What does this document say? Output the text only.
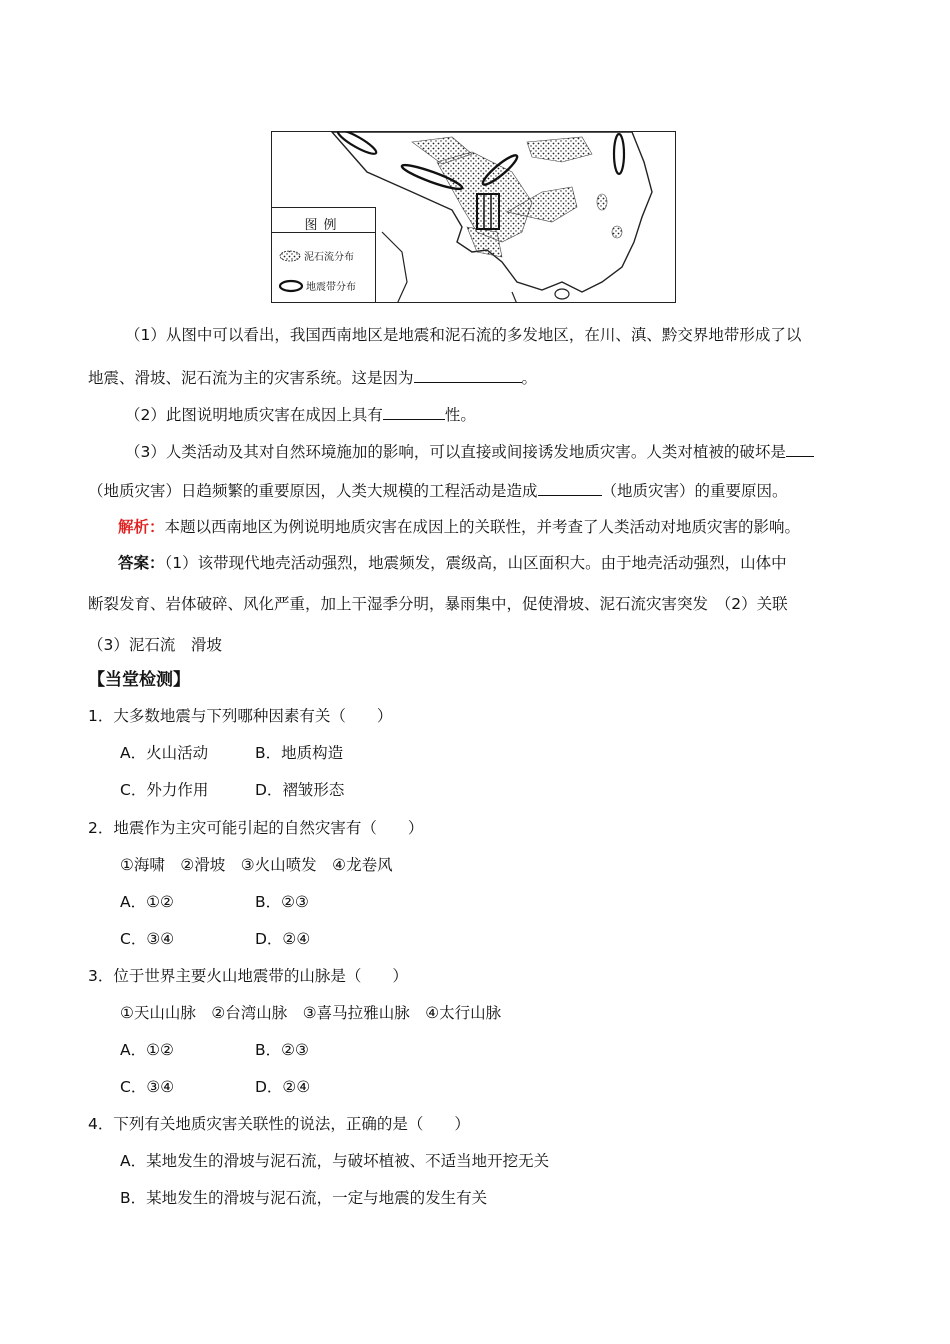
图例
泥石流分布
地震带分布
（1）从图中可以看出，我国西南地区是地震和泥石流的多发地区，在川、滇、黔交界地带形成了以
地震、滑坡、泥石流为主的灾害系统。这是因为	。
（2）此图说明地质灾害在成因上具有	性。
（3）人类活动及其对自然环境施加的影响，可以直接或间接诱发地质灾害。人类对植被的破坏是
（地质灾害）日趋频繁的重要原因，人类大规模的工程活动是造成	（地质灾害）的重要原因。
解析：本题以西南地区为例说明地质灾害在成因上的关联性，并考查了人类活动对地质灾害的影响。
答案：（1）该带现代地壳活动强烈，地震频发，震级高，山区面积大。由于地壳活动强烈，山体中
断裂发育、岩体破碎、风化严重，加上干湿季分明，暴雨集中，促使滑坡、泥石流灾害突发　（2）关联
（3）泥石流　滑坡
【当堂检测】
1．大多数地震与下列哪种因素有关（　　）
A．火山活动	B．地质构造
C．外力作用	D．褶皱形态
2．地震作为主灾可能引起的自然灾害有（　　）
①海啸　②滑坡　③火山喷发　④龙卷风
A．①②	B．②③
C．③④	D．②④
3．位于世界主要火山地震带的山脉是（　　）
①天山山脉　②台湾山脉　③喜马拉雅山脉　④太行山脉
A．①②	B．②③
C．③④	D．②④
4．下列有关地质灾害关联性的说法，正确的是（　　）
A．某地发生的滑坡与泥石流，与破坏植被、不适当地开挖无关
B．某地发生的滑坡与泥石流，一定与地震的发生有关
